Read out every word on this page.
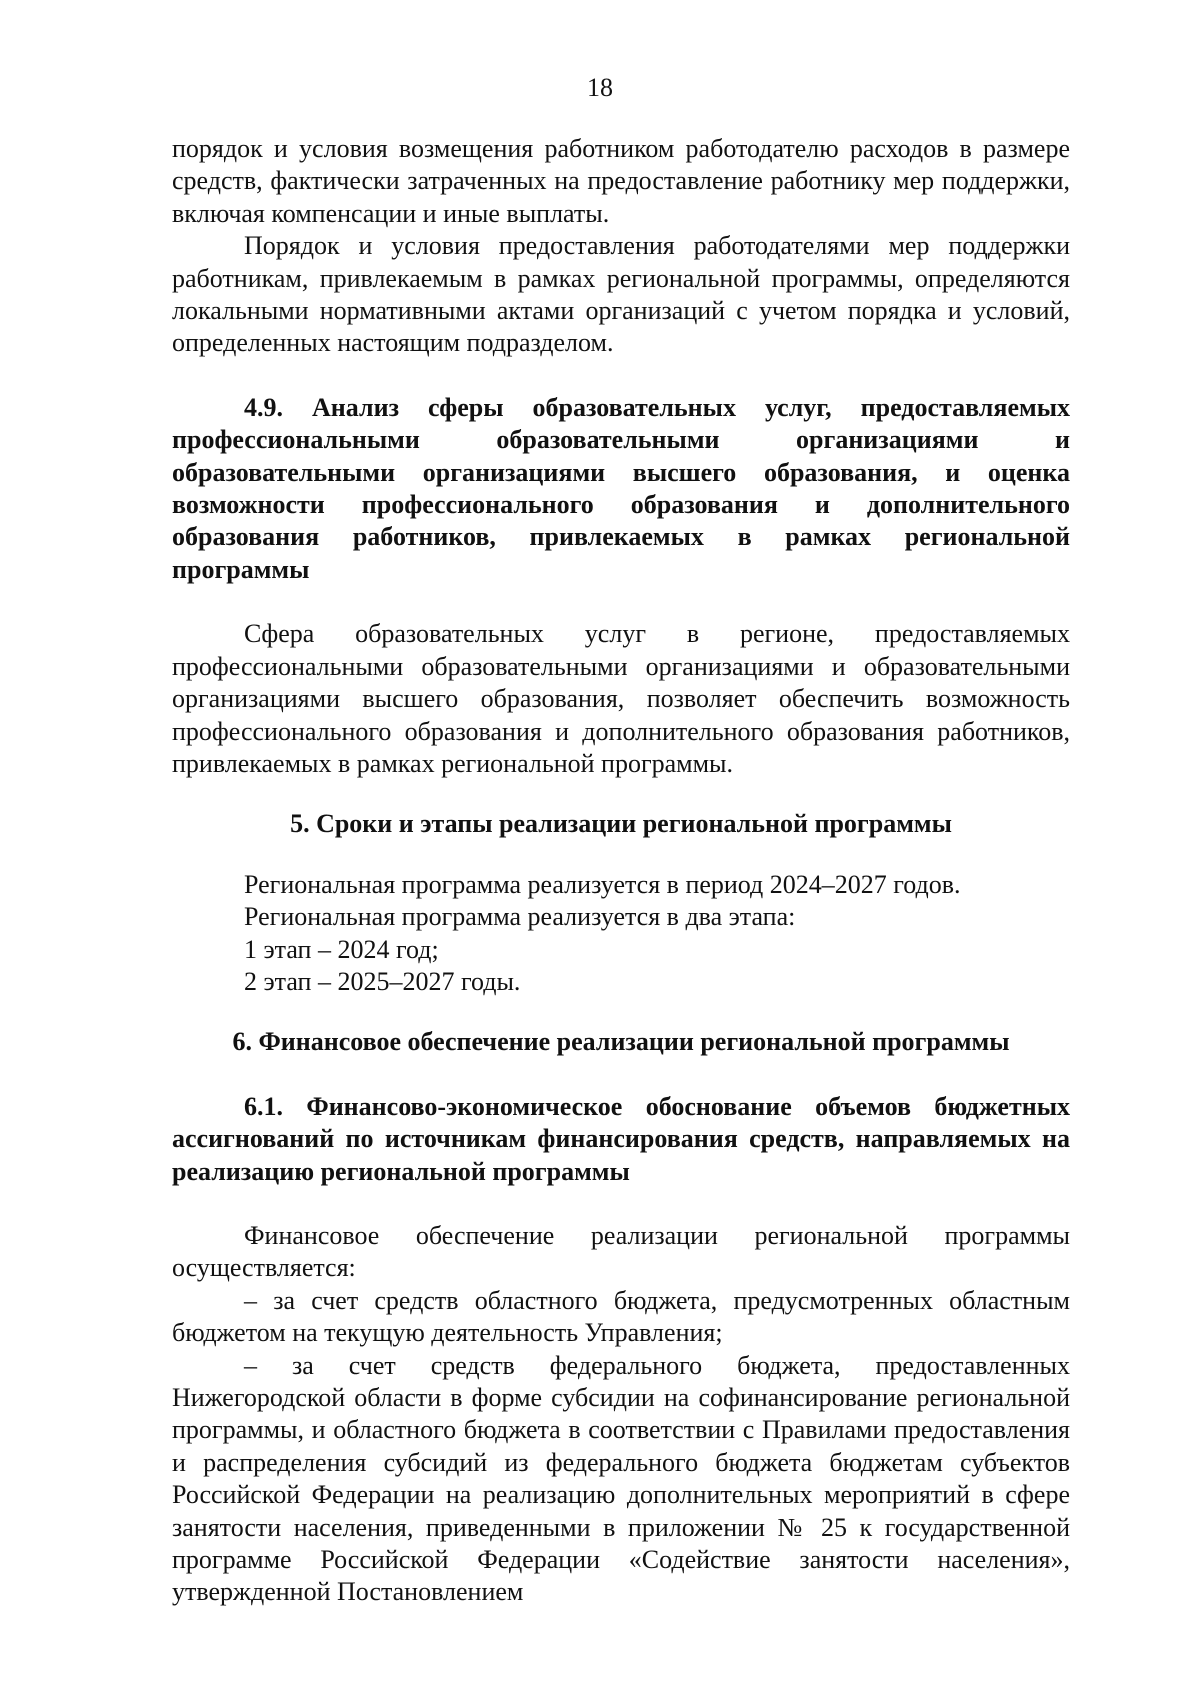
18

порядок и условия возмещения работником работодателю расходов в размере средств, фактически затраченных на предоставление работнику мер поддержки, включая компенсации и иные выплаты.

Порядок и условия предоставления работодателями мер поддержки работникам, привлекаемым в рамках региональной программы, определяются локальными нормативными актами организаций с учетом порядка и условий, определенных настоящим подразделом.

4.9. Анализ сферы образовательных услуг, предоставляемых профессиональными образовательными организациями и образовательными организациями высшего образования, и оценка возможности профессионального образования и дополнительного образования работников, привлекаемых в рамках региональной программы

Сфера образовательных услуг в регионе, предоставляемых профессиональными образовательными организациями и образовательными организациями высшего образования, позволяет обеспечить возможность профессионального образования и дополнительного образования работников, привлекаемых в рамках региональной программы.

5. Сроки и этапы реализации региональной программы

Региональная программа реализуется в период 2024–2027 годов.

Региональная программа реализуется в два этапа:

1 этап – 2024 год;

2 этап – 2025–2027 годы.

6. Финансовое обеспечение реализации региональной программы
6.1. Финансово-экономическое обоснование объемов бюджетных ассигнований по источникам финансирования средств, направляемых на реализацию региональной программы

Финансовое обеспечение реализации региональной программы осуществляется:

– за счет средств областного бюджета, предусмотренных областным бюджетом на текущую деятельность Управления;

– за счет средств федерального бюджета, предоставленных Нижегородской области в форме субсидии на софинансирование региональной программы, и областного бюджета в соответствии с Правилами предоставления и распределения субсидий из федерального бюджета бюджетам субъектов Российской Федерации на реализацию дополнительных мероприятий в сфере занятости населения, приведенными в приложении № 25 к государственной программе Российской Федерации «Содействие занятости населения», утвержденной Постановлением
